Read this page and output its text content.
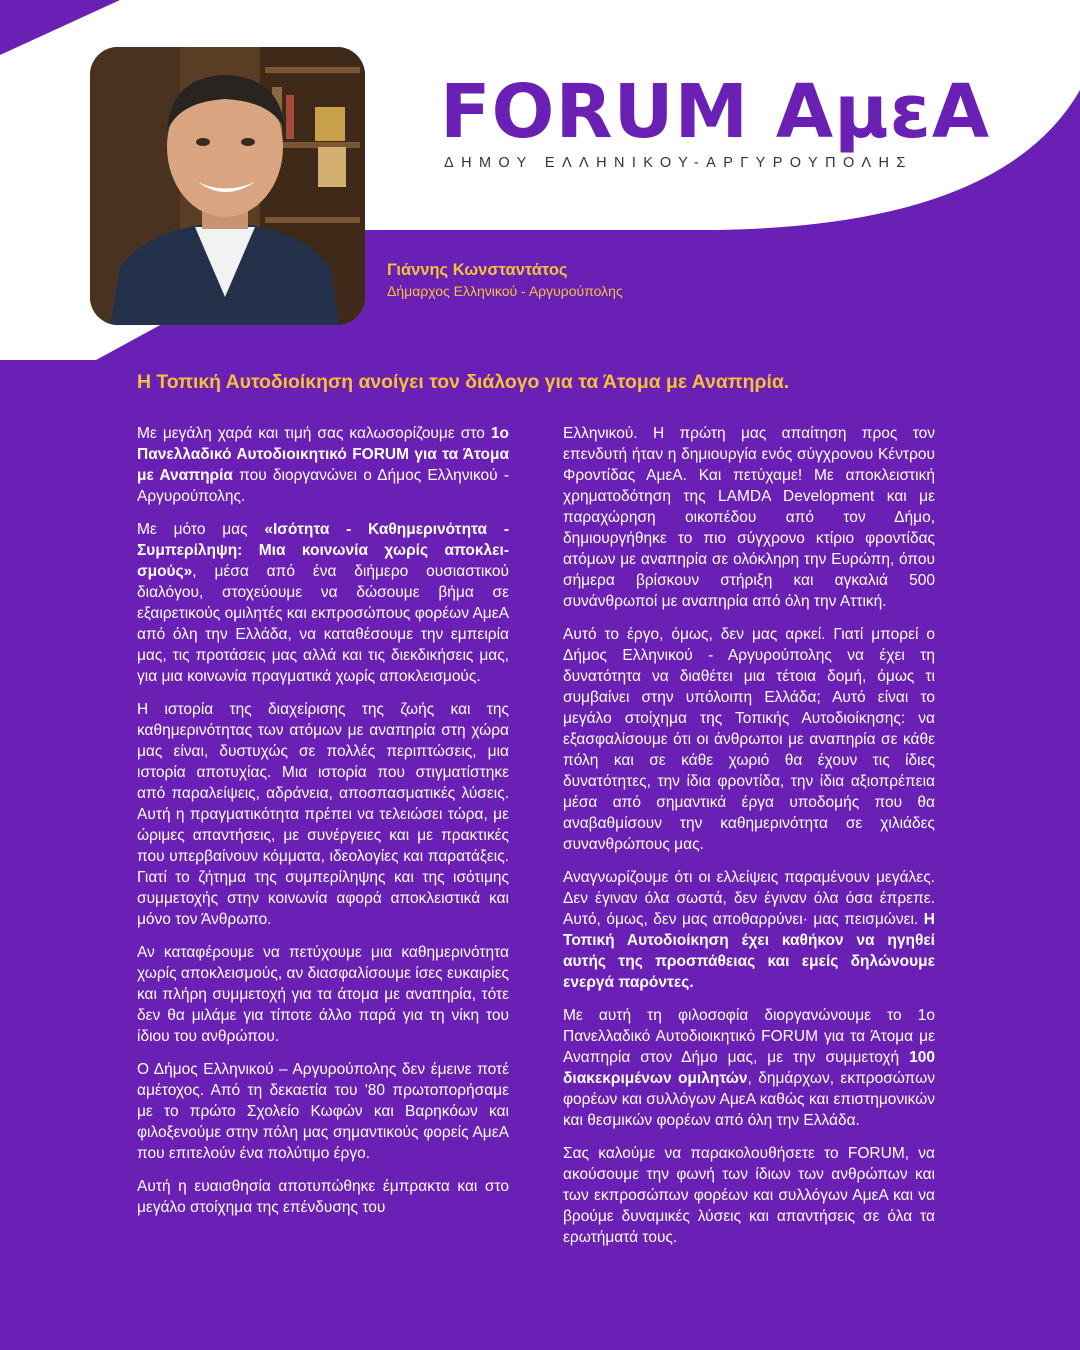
FORUM ΑμεΑ
ΔΗΜΟΥ ΕΛΛΗΝΙΚΟΥ-ΑΡΓΥΡΟΥΠΟΛΗΣ
Γιάννης Κωνσταντάτος
Δήμαρχος Ελληνικού - Αργυρούπολης
Η Τοπική Αυτοδιοίκηση ανοίγει τον διάλογο για τα Άτομα με Αναπηρία.

Με μεγάλη χαρά και τιμή σας καλωσορίζουμε στο 1ο Πανελλαδικό Αυτοδιοικητικό FORUM για τα Άτομα με Αναπηρία που διοργανώνει ο Δήμος Ελληνικού - Αργυρούπολης.

Με μότο μας «Ισότητα - Καθημερινότητα - Συμπερίληψη: Μια κοινωνία χωρίς αποκλεισμούς», μέσα από ένα διήμερο ουσιαστικού διαλόγου, στοχεύουμε να δώσουμε βήμα σε εξαιρετικούς ομιλητές και εκπροσώπους φορέων ΑμεΑ από όλη την Ελλάδα, να καταθέσουμε την εμπειρία μας, τις προτάσεις μας αλλά και τις διεκδικήσεις μας, για μια κοινωνία πραγματικά χωρίς αποκλεισμούς.

Η ιστορία της διαχείρισης της ζωής και της καθημερινότητας των ατόμων με αναπηρία στη χώρα μας είναι, δυστυχώς σε πολλές περιπτώσεις, μια ιστορία αποτυχίας. Μια ιστορία που στιγματίστηκε από παραλείψεις, αδράνεια, αποσπασματικές λύσεις. Αυτή η πραγματικότητα πρέπει να τελειώσει τώρα, με ώριμες απαντήσεις, με συνέργειες και με πρακτικές που υπερβαίνουν κόμματα, ιδεολογίες και παρατάξεις. Γιατί το ζήτημα της συμπερίληψης και της ισότιμης συμμετοχής στην κοινωνία αφορά αποκλειστικά και μόνο τον Άνθρωπο.

Αν καταφέρουμε να πετύχουμε μια καθημερινότητα χωρίς αποκλεισμούς, αν διασφαλίσουμε ίσες ευκαιρίες και πλήρη συμμετοχή για τα άτομα με αναπηρία, τότε δεν θα μιλάμε για τίποτε άλλο παρά για τη νίκη του ίδιου του ανθρώπου.

Ο Δήμος Ελληνικού – Αργυρούπολης δεν έμεινε ποτέ αμέτοχος. Από τη δεκαετία του '80 πρωτοπορήσαμε με το πρώτο Σχολείο Κωφών και Βαρηκόων και φιλοξενούμε στην πόλη μας σημαντικούς φορείς ΑμεΑ που επιτελούν ένα πολύτιμο έργο.

Αυτή η ευαισθησία αποτυπώθηκε έμπρακτα και στο μεγάλο στοίχημα της επένδυσης του

Ελληνικού. Η πρώτη μας απαίτηση προς τον επενδυτή ήταν η δημιουργία ενός σύγχρονου Κέντρου Φροντίδας ΑμεΑ. Και πετύχαμε! Με αποκλειστική χρηματοδότηση της LAMDA Development και με παραχώρηση οικοπέδου από τον Δήμο, δημιουργήθηκε το πιο σύγχρονο κτίριο φροντίδας ατόμων με αναπηρία σε ολόκληρη την Ευρώπη, όπου σήμερα βρίσκουν στήριξη και αγκαλιά 500 συνάνθρωποί με αναπηρία από όλη την Αττική.

Αυτό το έργο, όμως, δεν μας αρκεί. Γιατί μπορεί ο Δήμος Ελληνικού - Αργυρούπολης να έχει τη δυνατότητα να διαθέτει μια τέτοια δομή, όμως τι συμβαίνει στην υπόλοιπη Ελλάδα; Αυτό είναι το μεγάλο στοίχημα της Τοπικής Αυτοδιοίκησης: να εξασφαλίσουμε ότι οι άνθρωποι με αναπηρία σε κάθε πόλη και σε κάθε χωριό θα έχουν τις ίδιες δυνατότητες, την ίδια φροντίδα, την ίδια αξιοπρέπεια μέσα από σημαντικά έργα υποδομής που θα αναβαθμίσουν την καθημερινότητα σε χιλιάδες συνανθρώπους μας.

Αναγνωρίζουμε ότι οι ελλείψεις παραμένουν μεγάλες. Δεν έγιναν όλα σωστά, δεν έγιναν όλα όσα έπρεπε. Αυτό, όμως, δεν μας αποθαρρύνει· μας πεισμώνει. Η Τοπική Αυτοδιοίκηση έχει καθήκον να ηγηθεί αυτής της προσπάθειας και εμείς δηλώνουμε ενεργά παρόντες.

Με αυτή τη φιλοσοφία διοργανώνουμε το 1ο Πανελλαδικό Αυτοδιοικητικό FORUM για τα Άτομα με Αναπηρία στον Δήμο μας, με την συμμετοχή 100 διακεκριμένων ομιλητών, δημάρχων, εκπροσώπων φορέων και συλλόγων ΑμεΑ καθώς και επιστημονικών και θεσμικών φορέων από όλη την Ελλάδα.

Σας καλούμε να παρακολουθήσετε το FORUM, να ακούσουμε την φωνή των ίδιων των ανθρώπων και των εκπροσώπων φορέων και συλλόγων ΑμεΑ και να βρούμε δυναμικές λύσεις και απαντήσεις σε όλα τα ερωτήματά τους.
